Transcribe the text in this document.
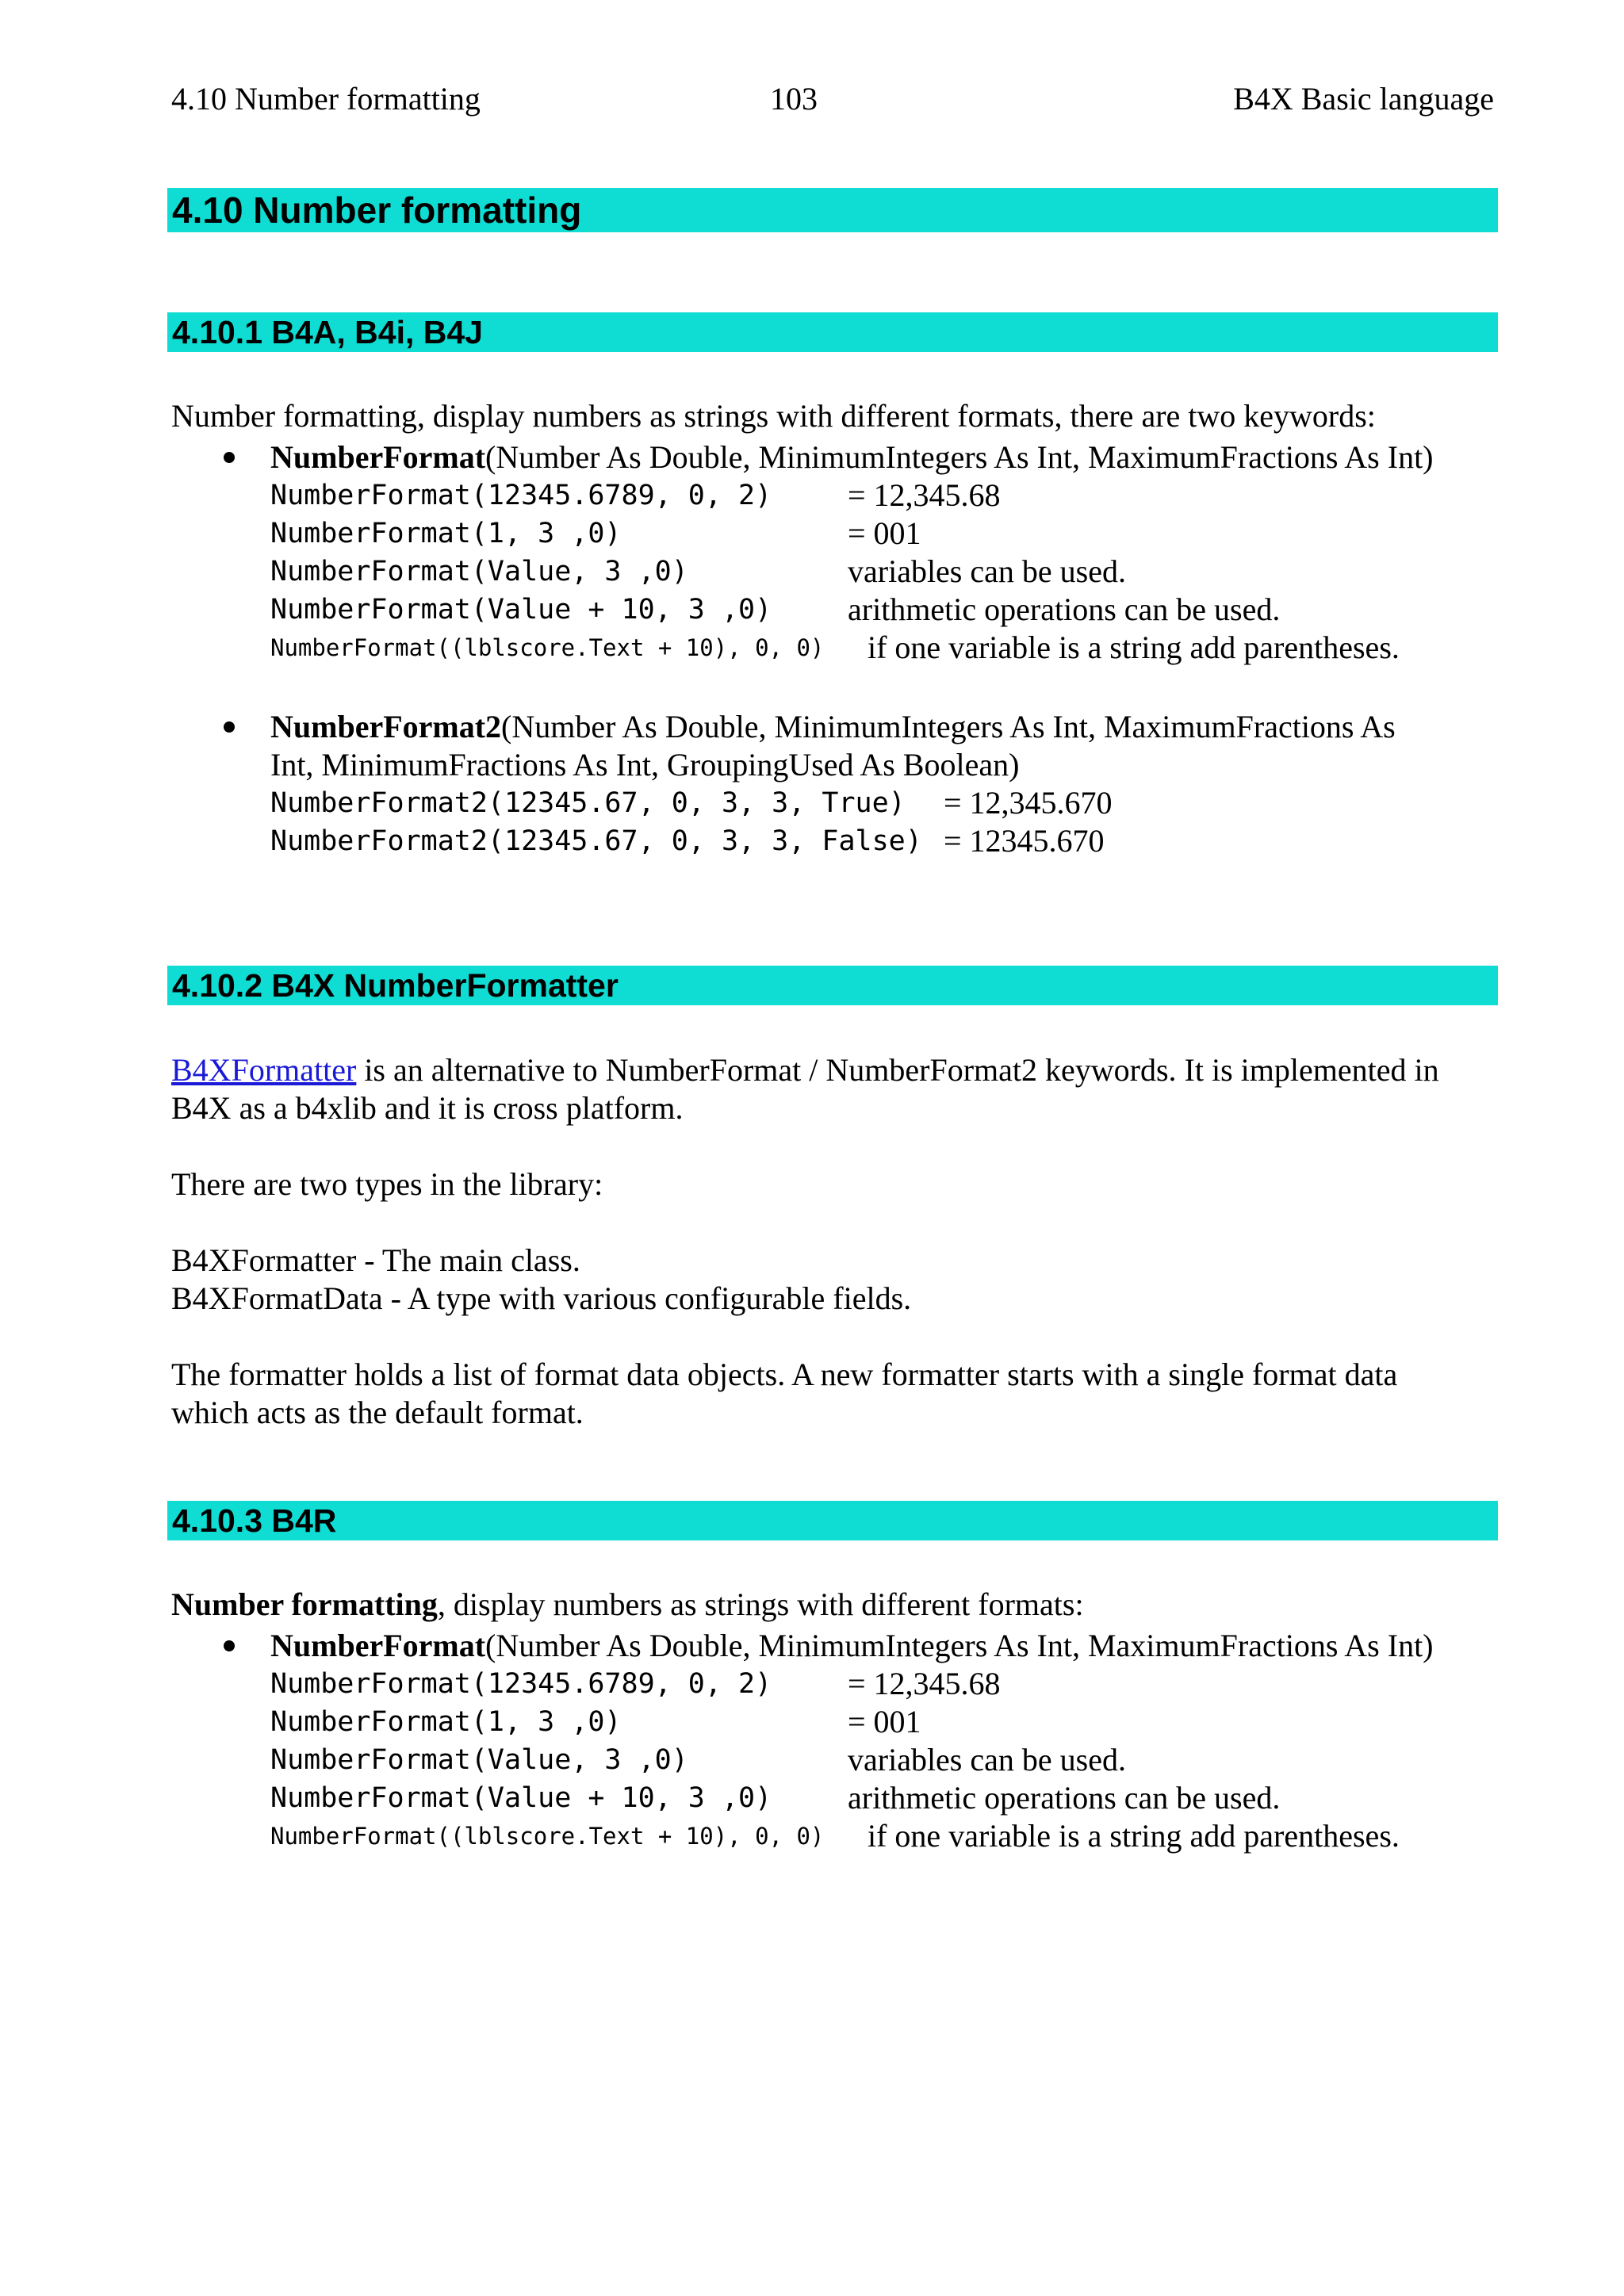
4.10 Number formatting	103	B4X Basic language
4.10 Number formatting
4.10.1 B4A, B4i, B4J
Number formatting, display numbers as strings with different formats, there are two keywords:
NumberFormat(Number As Double, MinimumIntegers As Int, MaximumFractions As Int)
NumberFormat(12345.6789, 0, 2) = 12,345.68
NumberFormat(1, 3 ,0)	= 001
NumberFormat(Value, 3 ,0)	variables can be used.
NumberFormat(Value + 10, 3 ,0) arithmetic operations can be used.
NumberFormat((lblscore.Text + 10), 0, 0) if one variable is a string add parentheses.
NumberFormat2(Number As Double, MinimumIntegers As Int, MaximumFractions As
Int, MinimumFractions As Int, GroupingUsed As Boolean)
NumberFormat2(12345.67, 0, 3, 3, True) = 12,345.670
NumberFormat2(12345.67, 0, 3, 3, False) = 12345.670
4.10.2 B4X NumberFormatter
B4XFormatter is an alternative to NumberFormat / NumberFormat2 keywords. It is implemented in
B4X as a b4xlib and it is cross platform.
There are two types in the library:
B4XFormatter - The main class.
B4XFormatData - A type with various configurable fields.
The formatter holds a list of format data objects. A new formatter starts with a single format data
which acts as the default format.
4.10.3 B4R
Number formatting, display numbers as strings with different formats:
NumberFormat(Number As Double, MinimumIntegers As Int, MaximumFractions As Int)
NumberFormat(12345.6789, 0, 2) = 12,345.68
NumberFormat(1, 3 ,0)	= 001
NumberFormat(Value, 3 ,0)	variables can be used.
NumberFormat(Value + 10, 3 ,0) arithmetic operations can be used.
NumberFormat((lblscore.Text + 10), 0, 0) if one variable is a string add parentheses.
